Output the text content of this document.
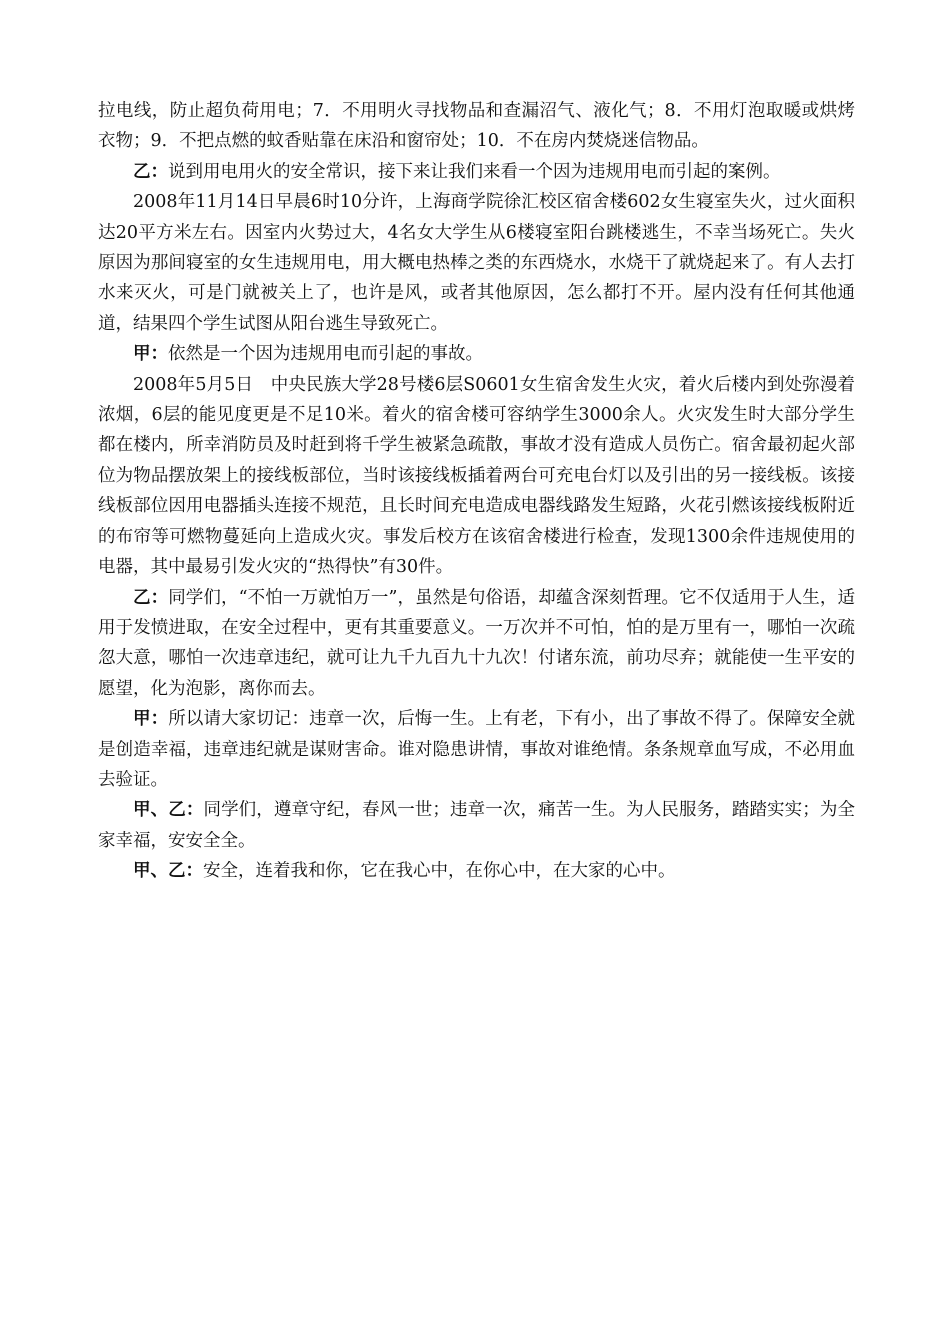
拉电线，防止超负荷用电；7．不用明火寻找物品和查漏沼气、液化气；8．不用灯泡取暖或烘烤衣物；9．不把点燃的蚊香贴靠在床沿和窗帘处；10．不在房内焚烧迷信物品。

乙：说到用电用火的安全常识，接下来让我们来看一个因为违规用电而引起的案例。

2008年11月14日早晨6时10分许，上海商学院徐汇校区宿舍楼602女生寝室失火，过火面积达20平方米左右。因室内火势过大，4名女大学生从6楼寝室阳台跳楼逃生，不幸当场死亡。失火原因为那间寝室的女生违规用电，用大概电热棒之类的东西烧水，水烧干了就烧起来了。有人去打水来灭火，可是门就被关上了，也许是风，或者其他原因，怎么都打不开。屋内没有任何其他通道，结果四个学生试图从阳台逃生导致死亡。

甲：依然是一个因为违规用电而引起的事故。

2008年5月5日　中央民族大学28号楼6层S0601女生宿舍发生火灾，着火后楼内到处弥漫着浓烟，6层的能见度更是不足10米。着火的宿舍楼可容纳学生3000余人。火灾发生时大部分学生都在楼内，所幸消防员及时赶到将千学生被紧急疏散，事故才没有造成人员伤亡。宿舍最初起火部位为物品摆放架上的接线板部位，当时该接线板插着两台可充电台灯以及引出的另一接线板。该接线板部位因用电器插头连接不规范，且长时间充电造成电器线路发生短路，火花引燃该接线板附近的布帘等可燃物蔓延向上造成火灾。事发后校方在该宿舍楼进行检查，发现1300余件违规使用的电器，其中最易引发火灾的“热得快”有30件。

乙：同学们，“不怕一万就怕万一”，虽然是句俗语，却蕴含深刻哲理。它不仅适用于人生，适用于发愤进取，在安全过程中，更有其重要意义。一万次并不可怕，怕的是万里有一，哪怕一次疏忽大意，哪怕一次违章违纪，就可让九千九百九十九次！付诸东流，前功尽弃；就能使一生平安的愿望，化为泡影，离你而去。

甲：所以请大家切记：违章一次，后悔一生。上有老，下有小，出了事故不得了。保障安全就是创造幸福，违章违纪就是谋财害命。谁对隐患讲情，事故对谁绝情。条条规章血写成，不必用血去验证。

甲、乙：同学们，遵章守纪，春风一世；违章一次，痛苦一生。为人民服务，踏踏实实；为全家幸福，安安全全。

甲、乙：安全，连着我和你，它在我心中，在你心中，在大家的心中。
